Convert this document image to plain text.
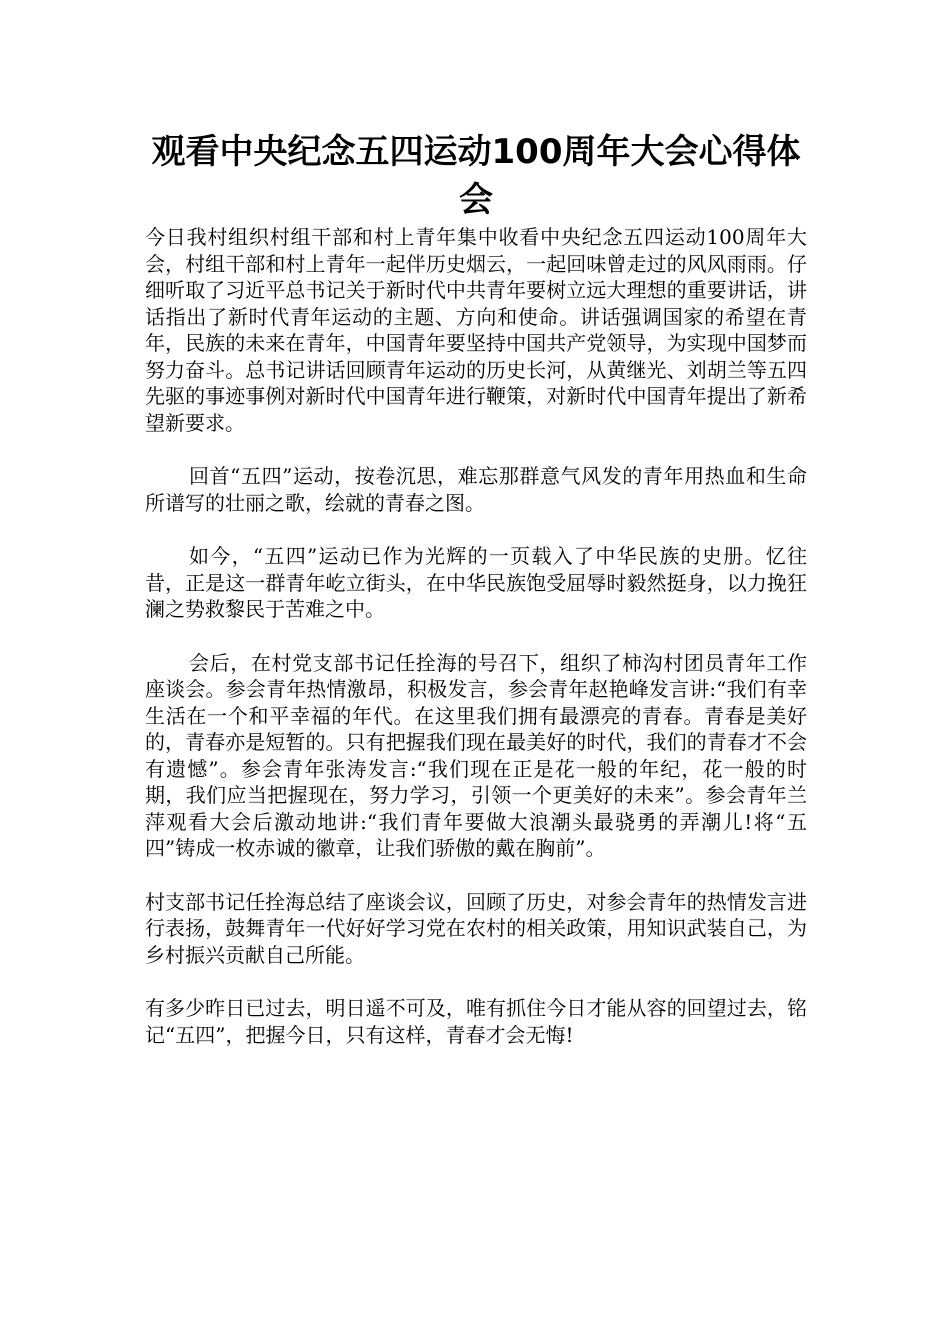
观看中央纪念五四运动100周年大会心得体会

今日我村组织村组干部和村上青年集中收看中央纪念五四运动100周年大会，村组干部和村上青年一起伴历史烟云，一起回味曾走过的风风雨雨。仔细听取了习近平总书记关于新时代中共青年要树立远大理想的重要讲话，讲话指出了新时代青年运动的主题、方向和使命。讲话强调国家的希望在青年，民族的未来在青年，中国青年要坚持中国共产党领导，为实现中国梦而努力奋斗。总书记讲话回顾青年运动的历史长河，从黄继光、刘胡兰等五四先驱的事迹事例对新时代中国青年进行鞭策，对新时代中国青年提出了新希望新要求。

回首“五四”运动，按卷沉思，难忘那群意气风发的青年用热血和生命所谱写的壮丽之歌，绘就的青春之图。

如今，“五四”运动已作为光辉的一页载入了中华民族的史册。忆往昔，正是这一群青年屹立街头，在中华民族饱受屈辱时毅然挺身，以力挽狂澜之势救黎民于苦难之中。

会后，在村党支部书记任拴海的号召下，组织了柿沟村团员青年工作座谈会。参会青年热情激昂，积极发言，参会青年赵艳峰发言讲:“我们有幸生活在一个和平幸福的年代。在这里我们拥有最漂亮的青春。青春是美好的，青春亦是短暂的。只有把握我们现在最美好的时代，我们的青春才不会有遗憾”。参会青年张涛发言:“我们现在正是花一般的年纪，花一般的时期，我们应当把握现在，努力学习，引领一个更美好的未来”。参会青年兰萍观看大会后激动地讲:“我们青年要做大浪潮头最骁勇的弄潮儿!将“五四”铸成一枚赤诚的徽章，让我们骄傲的戴在胸前”。

村支部书记任拴海总结了座谈会议，回顾了历史，对参会青年的热情发言进行表扬，鼓舞青年一代好好学习党在农村的相关政策，用知识武装自己，为乡村振兴贡献自己所能。

有多少昨日已过去，明日遥不可及，唯有抓住今日才能从容的回望过去，铭记“五四”，把握今日，只有这样，青春才会无悔!
